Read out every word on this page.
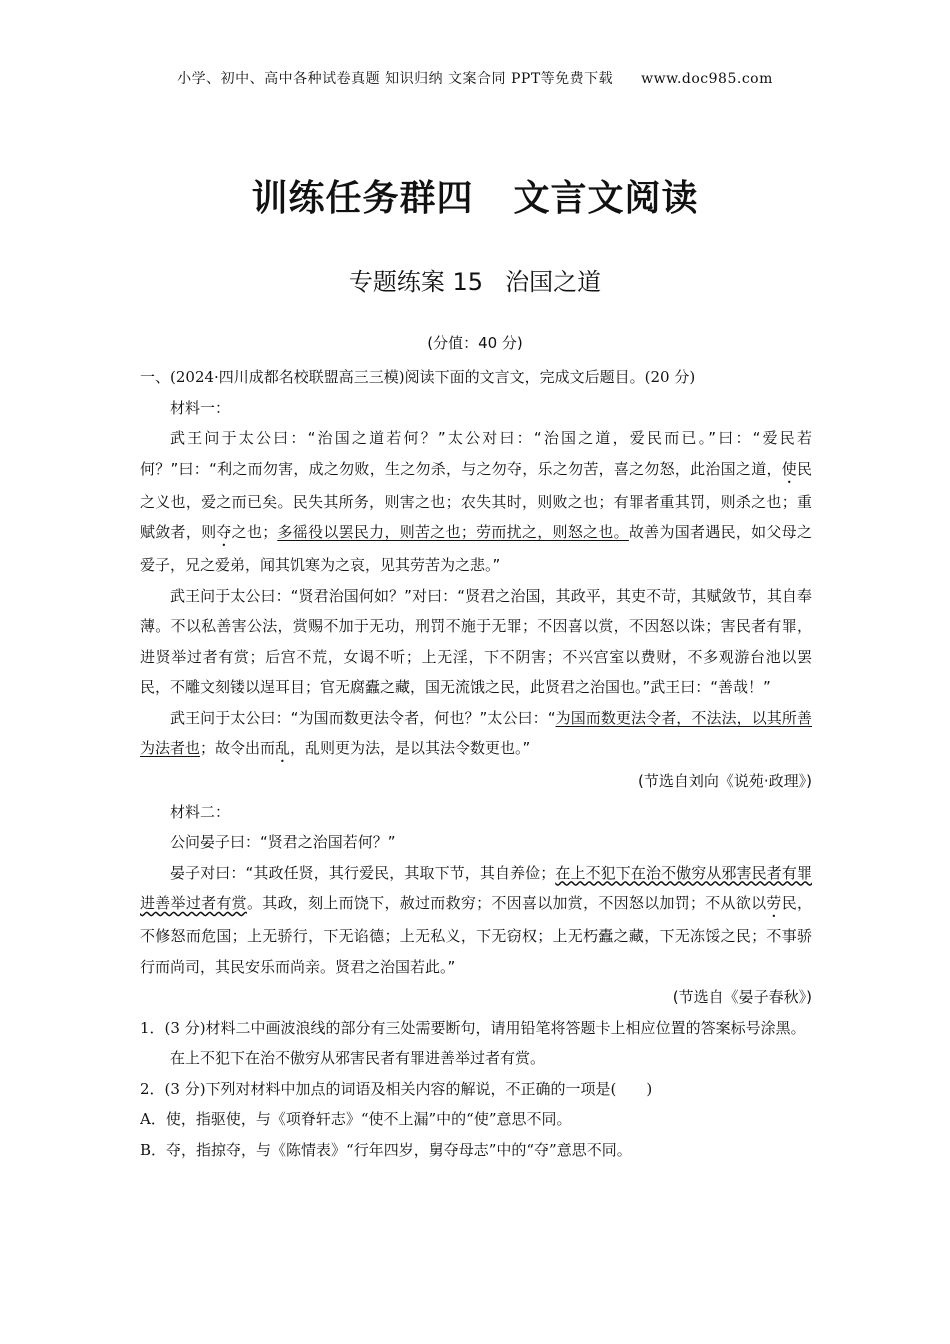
小学、初中、高中各种试卷真题 知识归纳 文案合同 PPT等免费下载 www.doc985.com
训练任务群四 文言文阅读
专题练案 15 治国之道
(分值：40 分)

一、(2024·四川成都名校联盟高三三模)阅读下面的文言文，完成文后题目。(20 分)

材料一：

武王问于太公曰：“治国之道若何？”太公对曰：“治国之道，爱民而已。”曰：“爱民若何？”曰：“利之而勿害，成之勿败，生之勿杀，与之勿夺，乐之勿苦，喜之勿怒，此治国之道，使民之义也，爱之而已矣。民失其所务，则害之也；农失其时，则败之也；有罪者重其罚，则杀之也；重赋敛者，则夺之也；多徭役以罢民力，则苦之也；劳而扰之，则怒之也。故善为国者遇民，如父母之爱子，兄之爱弟，闻其饥寒为之哀，见其劳苦为之悲。”

武王问于太公曰：“贤君治国何如？”对曰：“贤君之治国，其政平，其吏不苛，其赋敛节，其自奉薄。不以私善害公法，赏赐不加于无功，刑罚不施于无罪；不因喜以赏，不因怒以诛；害民者有罪，进贤举过者有赏；后宫不荒，女谒不听；上无淫，下不阴害；不兴宫室以费财，不多观游台池以罢民，不雕文刻镂以逞耳目；官无腐蠹之藏，国无流饿之民，此贤君之治国也。”武王曰：“善哉！”

武王问于太公曰：“为国而数更法令者，何也？”太公曰：“为国而数更法令者，不法法，以其所善为法者也；故令出而乱，乱则更为法，是以其法令数更也。”

(节选自刘向《说苑·政理》)

材料二：

公问晏子曰：“贤君之治国若何？”

晏子对曰：“其政任贤，其行爱民，其取下节，其自养俭；在上不犯下在治不傲穷从邪害民者有罪进善举过者有赏。其政，刻上而饶下，赦过而救穷；不因喜以加赏，不因怒以加罚；不从欲以劳民，不修怒而危国；上无骄行，下无谄德；上无私义，下无窃权；上无朽蠹之藏，下无冻馁之民；不事骄行而尚司，其民安乐而尚亲。贤君之治国若此。”

(节选自《晏子春秋》)

1．(3 分)材料二中画波浪线的部分有三处需要断句，请用铅笔将答题卡上相应位置的答案标号涂黑。

在上不犯下在治不傲穷从邪害民者有罪进善举过者有赏。

2．(3 分)下列对材料中加点的词语及相关内容的解说，不正确的一项是( )

A．使，指驱使，与《项脊轩志》“使不上漏”中的“使”意思不同。

B．夺，指掠夺，与《陈情表》“行年四岁，舅夺母志”中的“夺”意思不同。
